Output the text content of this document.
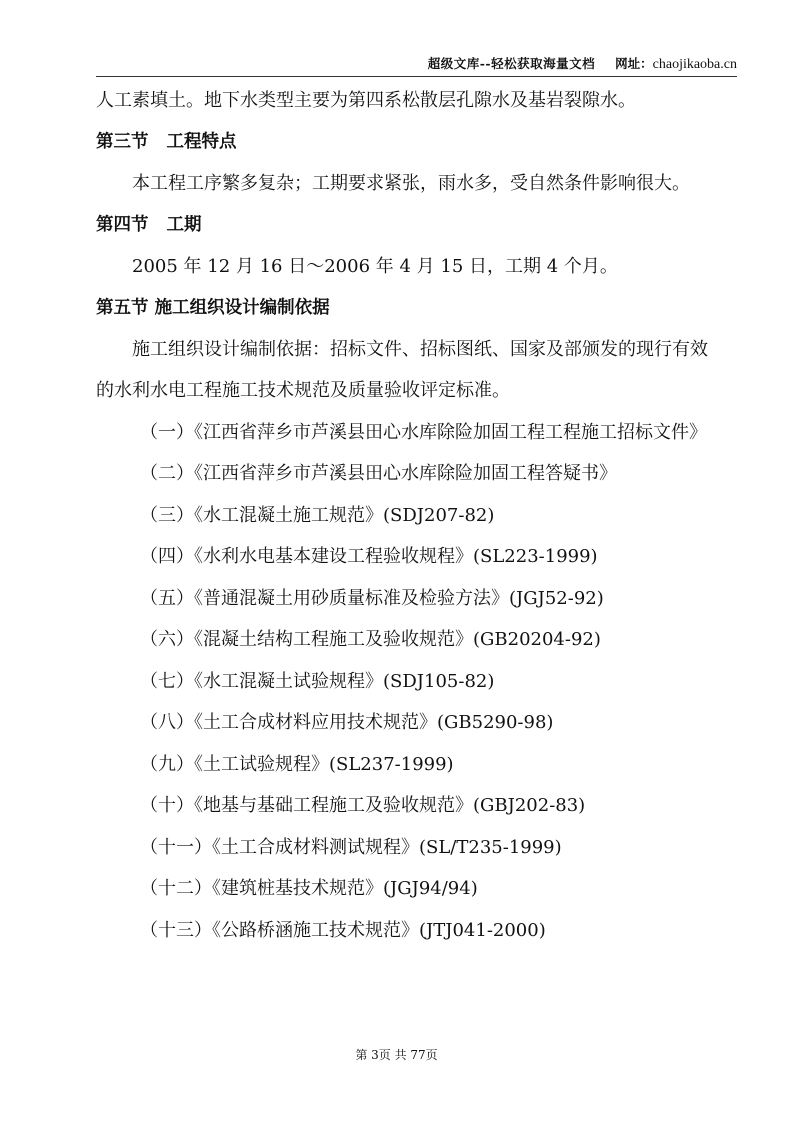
超级文库--轻松获取海量文档 网址：chaojikaoba.cn
人工素填土。地下水类型主要为第四系松散层孔隙水及基岩裂隙水。
第三节 工程特点
本工程工序繁多复杂；工期要求紧张，雨水多，受自然条件影响很大。
第四节 工期
2005 年 12 月 16 日～2006 年 4 月 15 日，工期 4 个月。
第五节 施工组织设计编制依据
施工组织设计编制依据：招标文件、招标图纸、国家及部颁发的现行有效
的水利水电工程施工技术规范及质量验收评定标准。
（一）《江西省萍乡市芦溪县田心水库除险加固工程工程施工招标文件》
（二）《江西省萍乡市芦溪县田心水库除险加固工程答疑书》
（三）《水工混凝土施工规范》(SDJ207-82)
（四）《水利水电基本建设工程验收规程》(SL223-1999)
（五）《普通混凝土用砂质量标准及检验方法》(JGJ52-92)
（六）《混凝土结构工程施工及验收规范》(GB20204-92)
（七）《水工混凝土试验规程》(SDJ105-82)
（八）《土工合成材料应用技术规范》(GB5290-98)
（九）《土工试验规程》(SL237-1999)
（十）《地基与基础工程施工及验收规范》(GBJ202-83)
（十一）《土工合成材料测试规程》(SL/T235-1999)
（十二）《建筑桩基技术规范》(JGJ94/94)
（十三）《公路桥涵施工技术规范》(JTJ041-2000)
第 3页 共 77页
